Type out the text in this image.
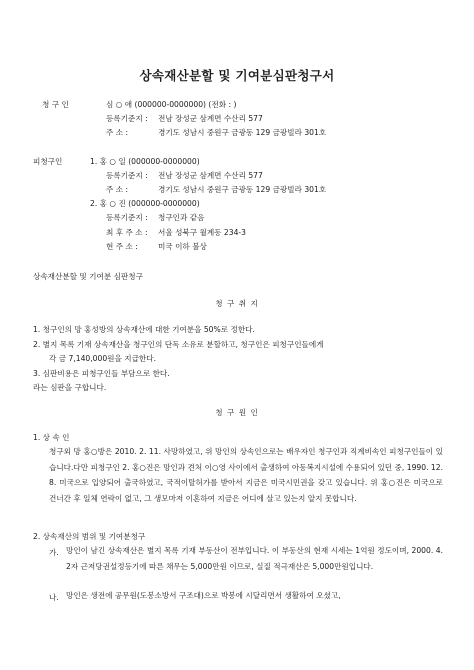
상속재산분할 및 기여분심판청구서
청 구 인	심 ○ 애 (000000-0000000) (전화 : )
등록기준지 : 전남 장성군 삼계면 수산리 577
주 소 :	경기도 성남시 중원구 금광동 129 금광빌라 301호
피청구인	1. 홍 ○ 일 (000000-0000000)
등록기준지 : 전남 장성군 삼계면 수산리 577
주 소 :	경기도 성남시 중원구 금광동 129 금광빌라 301호
2. 홍 ○ 진 (000000-0000000)
등록기준지 : 청구인과 같음
최 후 주 소 : 서울 성북구 월계동 234-3
현 주 소 :	미국 이하 불상
상속재산분할 및 기여분 심판청구
청 구 취 지
1. 청구인의 망 홍성방의 상속재산에 대한 기여분을 50%로 정한다.
2. 별지 목록 기재 상속재산을 청구인의 단독 소유로 분할하고, 청구인은 피청구인들에게
각 금 7,140,000원을 지급한다.
3. 심판비용은 피청구인들 부담으로 한다.
라는 심판을 구합니다.
청 구 원 인
1. 상 속 인
청구외 망 홍○방은 2010. 2. 11. 사망하였고, 위 망인의 상속인으로는 배우자인 청구인과 직계비속인 피청구인들이 있습니다.다만 피청구인 2. 홍○진은 망인과 견처 이○영 사이에서 출생하여 아동복지시설에 수용되어 있던 중, 1990. 12. 8. 미국으로 입양되어 출국하였고, 국적이탈허가를 받아서 지금은 미국시민권을 갖고 있습니다. 위 홍○진은 미국으로 건너간 후 일체 연락이 없고, 그 생모마저 이혼하여 지금은 어디에 살고 있는지 알지 못합니다.
2. 상속재산의 범위 및 기여분청구
가. 망인이 남긴 상속재산은 별지 목록 기재 부동산이 전부입니다. 이 부동산의 현재 시세는 1억원 정도이며, 2000. 4. 2자 근저당권설정등기에 따른 채무는 5,000만원 이므로, 실질 적극재산은 5,000만원입니다.
나. 망인은 생전에 공무원(도봉소방서 구조대)으로 박봉에 시달리면서 생활하여 오셨고,
